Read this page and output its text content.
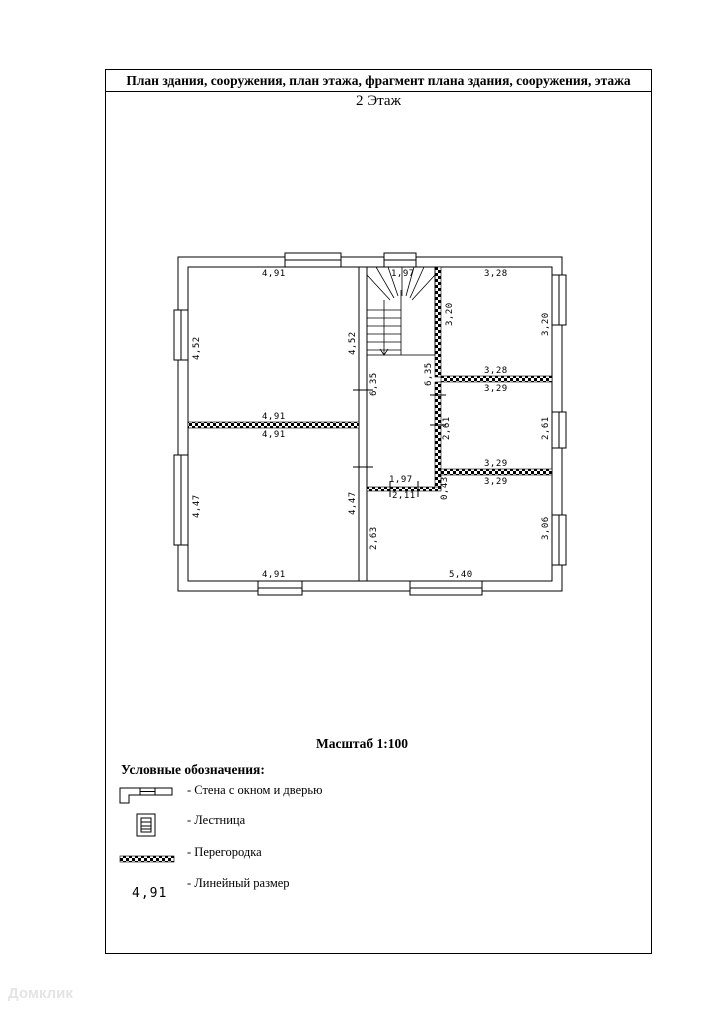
План здания, сооружения, план этажа, фрагмент плана здания, сооружения, этажа
2 Этаж
4,91
4,52	4,52
4,91
4,91
4,47	4,47
4,91
6,35	6,35
1,97
1,97
2,11
2,63
5,40
3,28
3,20	3,20
3,28
3,29
2,61	2,61
3,29
3,29
3,06
0,43
Масштаб 1:100
Условные обозначения:
- Стена с окном и дверью
- Лестница
- Перегородка
- Линейный размер
4,91
Домклик
